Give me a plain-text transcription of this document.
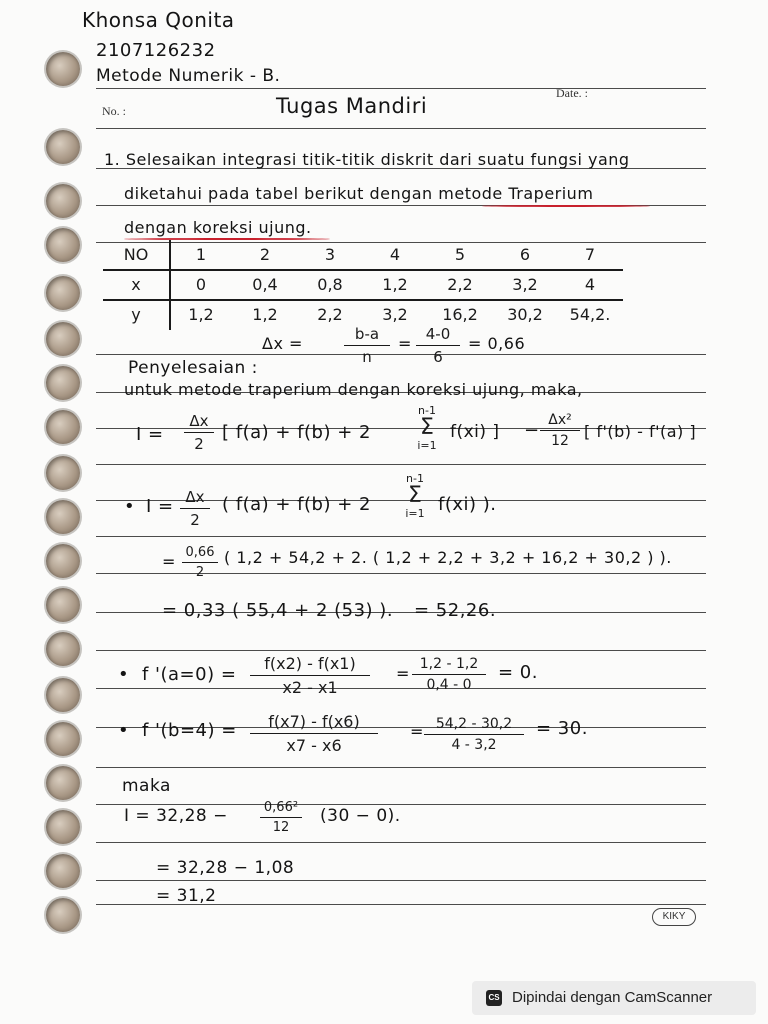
Khonsa Qonita
2107126232
Metode Numerik - B.
No. :
Date. :
Tugas Mandiri
1. Selesaikan integrasi titik-titik diskrit dari suatu fungsi yang
diketahui pada tabel berikut dengan metode Traperium
dengan koreksi ujung.
NO	1	2	3	4	5	6	7
x	0	0,4	0,8	1,2	2,2	3,2	4
y	1,2	1,2	2,2	3,2	16,2	30,2	54,2.
Δx =	b-a
n
= 4-0
6
= 0,66
Penyelesaian :
untuk metode traperium dengan koreksi ujung, maka,
I =
Δx
2
[ f(a) + f(b) + 2
n-1
Σ
i=1
f(xi) ] − Δx²
12 [ f'(b) - f'(a) ]
• I = Δx
2
( f(a) + f(b) + 2
n-1
Σ
i=1 f(xi) ).
= 0,66
2
( 1,2 + 54,2 + 2. ( 1,2 + 2,2 + 3,2 + 16,2 + 30,2 ) ).
= 0,33 ( 55,4 + 2 (53) ). = 52,26.
• f '(a=0) =
f(x2) - f(x1)
x2 - x1
= 1,2 - 1,2
0,4 - 0
= 0.
• f '(b=4) =	f(x7) - f(x6)
x7 - x6
= 54,2 - 30,2
4 - 3,2
= 30.
maka
I = 32,28 −	0,66²
12
(30 − 0).
= 32,28 − 1,08
= 31,2
KIKY
CS Dipindai dengan CamScanner
